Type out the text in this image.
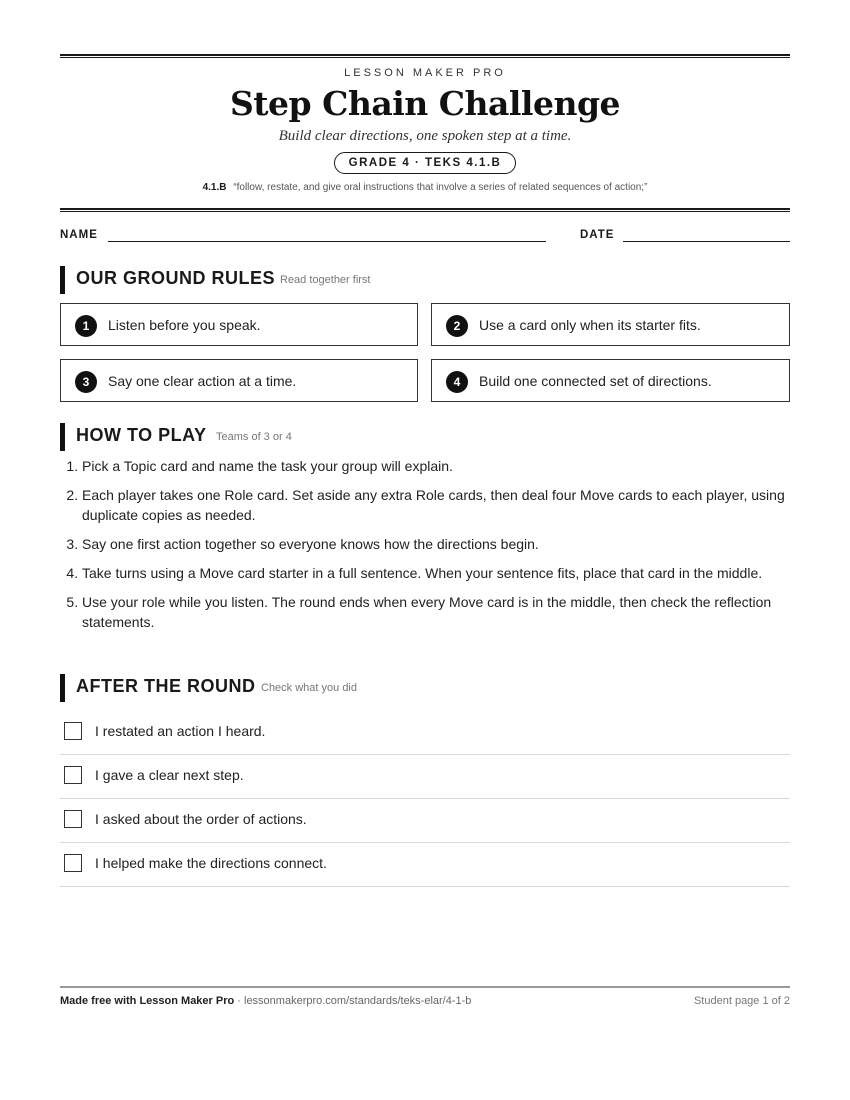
LESSON MAKER PRO
Step Chain Challenge
Build clear directions, one spoken step at a time.
GRADE 4 · TEKS 4.1.B
4.1.B “follow, restate, and give oral instructions that involve a series of related sequences of action;”
NAME	DATE
OUR GROUND RULES Read together first
1	Listen before you speak.	2	Use a card only when its starter fits.
3	Say one clear action at a time.	4	Build one connected set of directions.
HOW TO PLAY Teams of 3 or 4
1. Pick a Topic card and name the task your group will explain.
2. Each player takes one Role card. Set aside any extra Role cards, then deal four Move cards to each player, using duplicate copies as needed.
3. Say one first action together so everyone knows how the directions begin.
4. Take turns using a Move card starter in a full sentence. When your sentence fits, place that card in the middle.
5. Use your role while you listen. The round ends when every Move card is in the middle, then check the reflection statements.
AFTER THE ROUND Check what you did
I restated an action I heard.
I gave a clear next step.
I asked about the order of actions.
I helped make the directions connect.
Made free with Lesson Maker Pro · lessonmakerpro.com/standards/teks-elar/4-1-b	Student page 1 of 2
